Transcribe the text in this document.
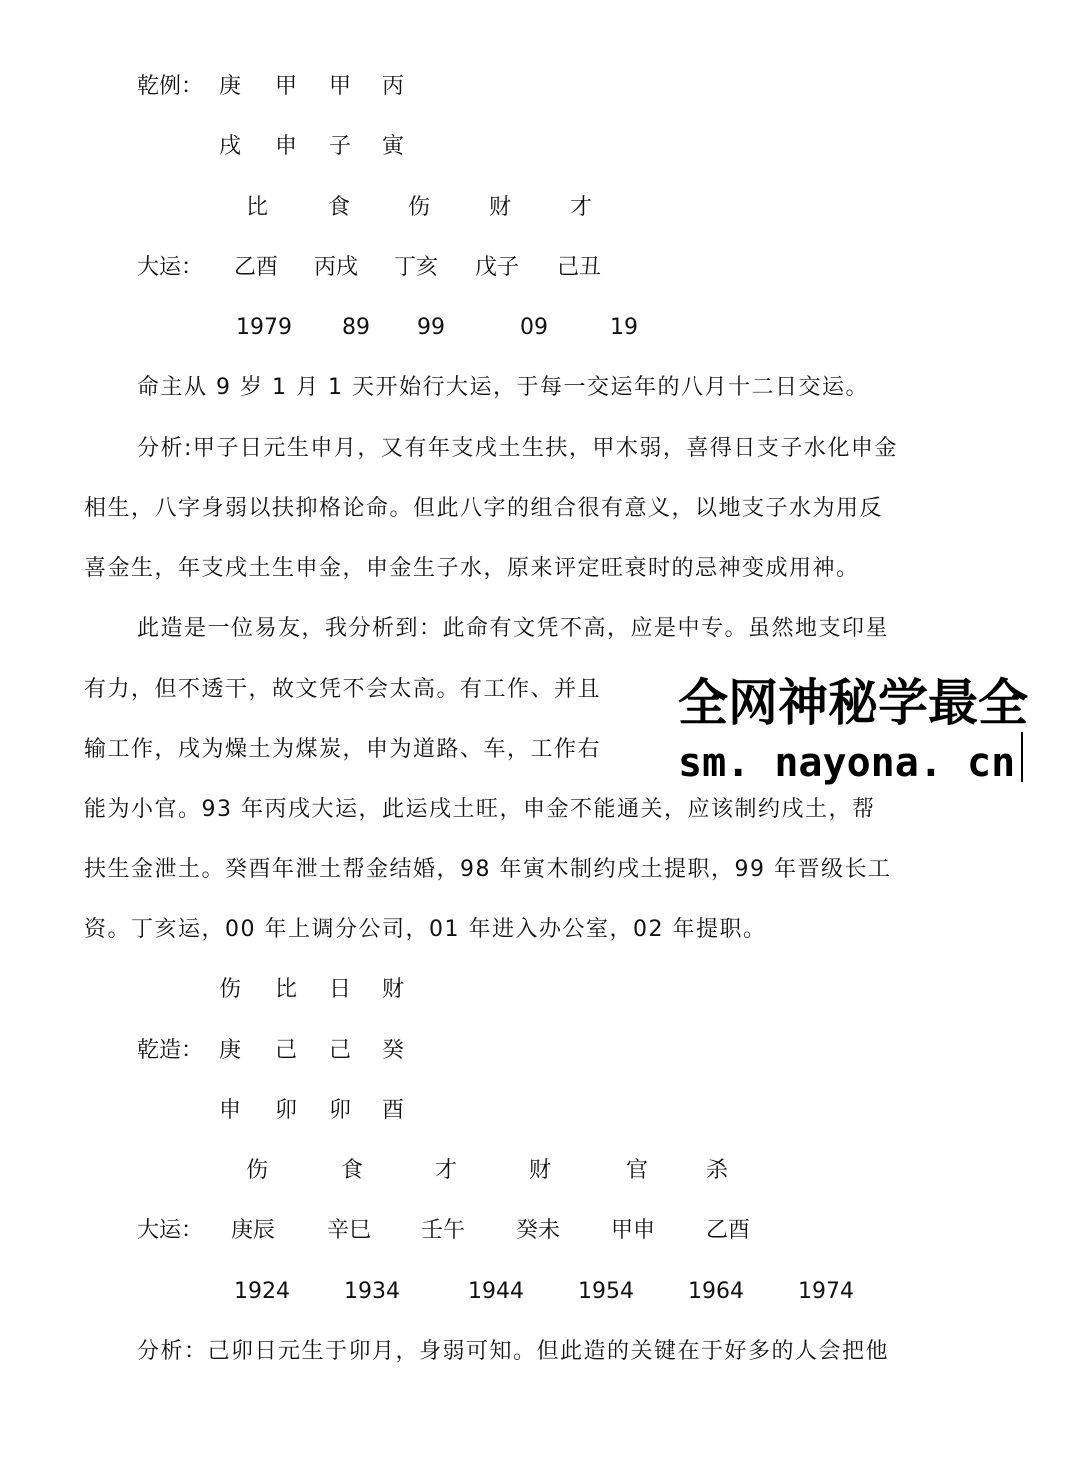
乾例： 庚 甲 甲 丙
戌 申 子 寅
比	食	伤	财	才
大运： 乙酉 丙戌 丁亥 戊子 己丑
1979 89 99	09	19
命主从 9 岁 1 月 1 天开始行大运，于每一交运年的八月十二日交运。
分析:甲子日元生申月，又有年支戌土生扶，甲木弱，喜得日支子水化申金
相生，八字身弱以扶抑格论命。但此八字的组合很有意义，以地支子水为用反
喜金生，年支戌土生申金，申金生子水，原来评定旺衰时的忌神变成用神。
此造是一位易友，我分析到：此命有文凭不高，应是中专。虽然地支印星
有力，但不透干，故文凭不会太高。有工作、并且
输工作，戌为燥土为煤炭，申为道路、车，工作右
能为小官。93 年丙戌大运，此运戌土旺，申金不能通关，应该制约戌土，帮
扶生金泄土。癸酉年泄土帮金结婚，98 年寅木制约戌土提职，99 年晋级长工
资。丁亥运，00 年上调分公司，01 年进入办公室，02 年提职。
伤 比 日 财
乾造： 庚 己 己 癸
申 卯 卯 酉
伤	食	才	财	官	杀
大运： 庚辰 辛巳 壬午 癸未 甲申 乙酉
1924 1934	1944 1954 1964 1974
分析：己卯日元生于卯月，身弱可知。但此造的关键在于好多的人会把他
全网神秘学最全
sm. nayona. cn
